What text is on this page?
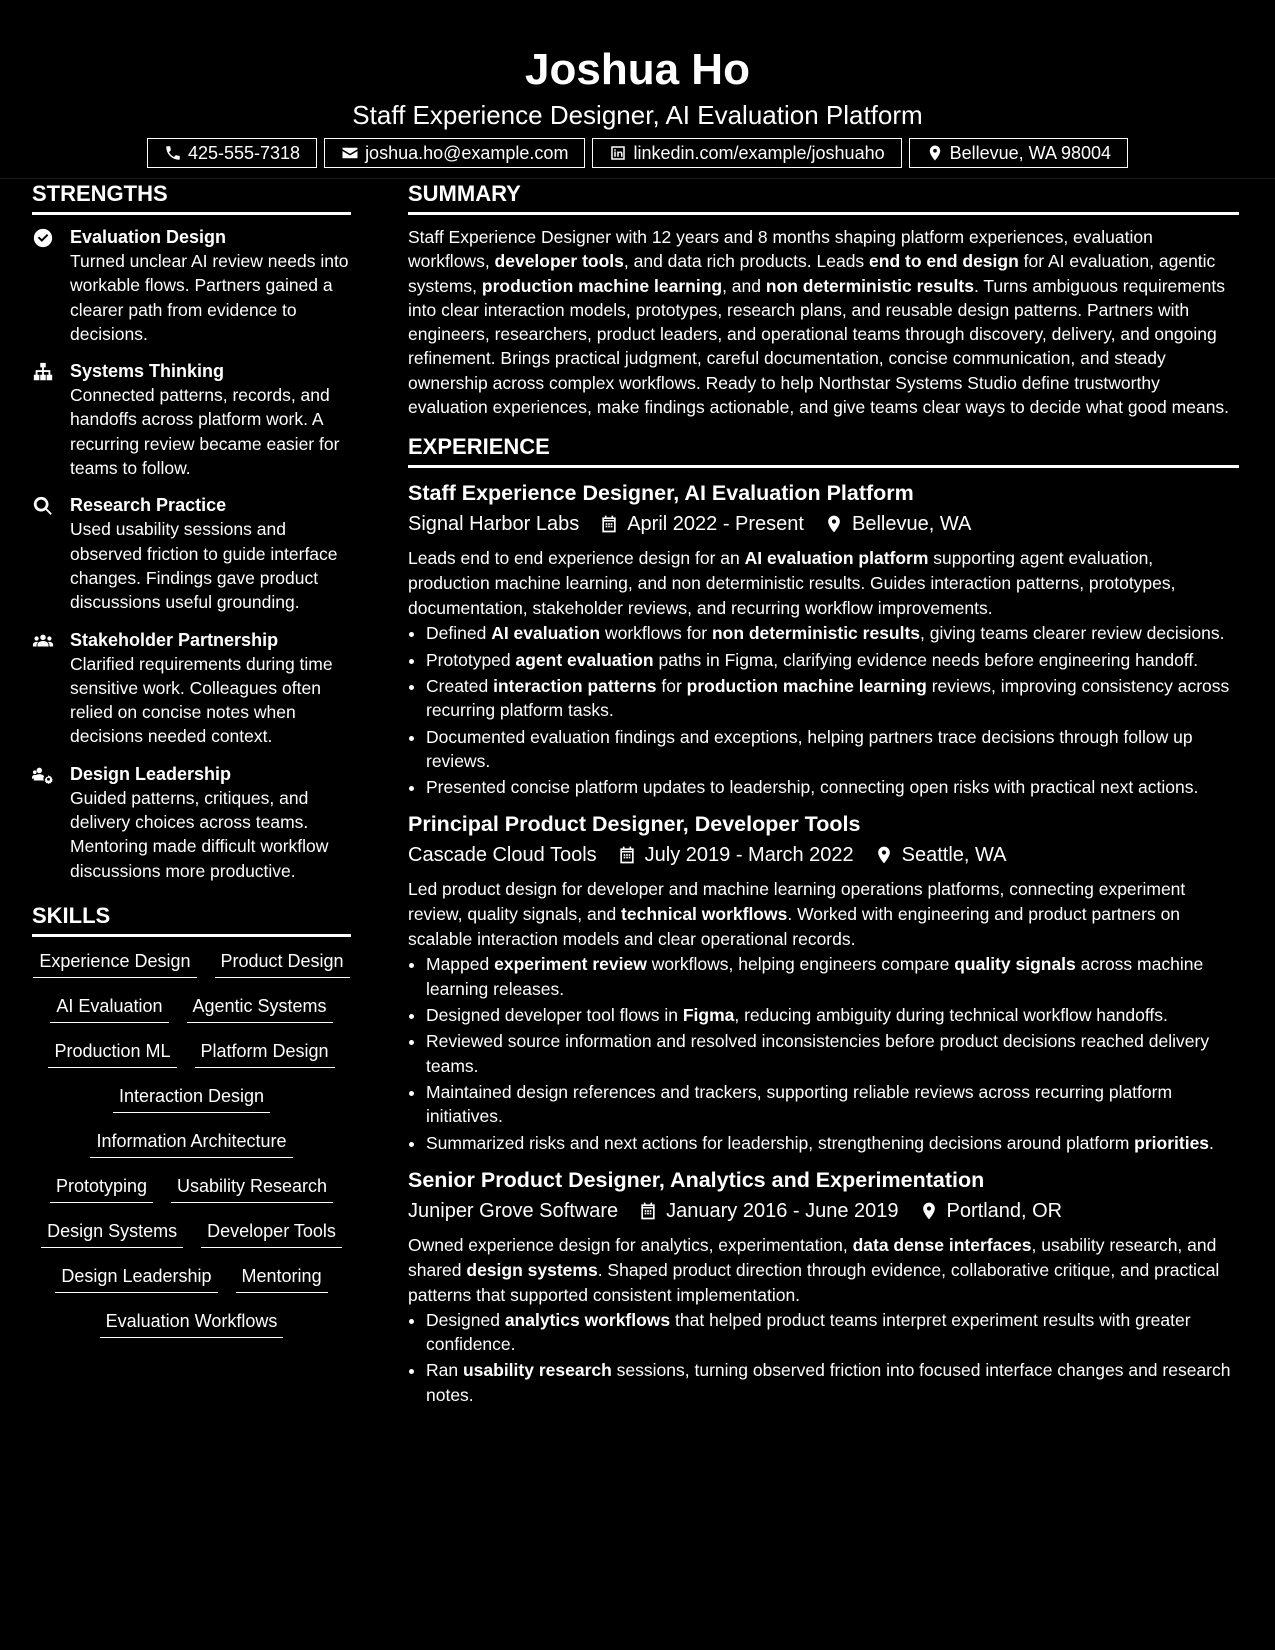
Joshua Ho
Staff Experience Designer, AI Evaluation Platform
425-555-7318	joshua.ho@example.com	linkedin.com/example/joshuaho	Bellevue, WA 98004
STRENGTHS
Evaluation Design
Turned unclear AI review needs into workable flows. Partners gained a clearer path from evidence to decisions.
Systems Thinking
Connected patterns, records, and handoffs across platform work. A recurring review became easier for teams to follow.
Research Practice
Used usability sessions and observed friction to guide interface changes. Findings gave product discussions useful grounding.
Stakeholder Partnership
Clarified requirements during time sensitive work. Colleagues often relied on concise notes when decisions needed context.
Design Leadership
Guided patterns, critiques, and delivery choices across teams. Mentoring made difficult workflow discussions more productive.
SKILLS
Experience Design	Product Design
AI Evaluation	Agentic Systems
Production ML	Platform Design
Interaction Design
Information Architecture
Prototyping	Usability Research
Design Systems	Developer Tools
Design Leadership	Mentoring
Evaluation Workflows
SUMMARY

Staff Experience Designer with 12 years and 8 months shaping platform experiences, evaluation workflows, developer tools, and data rich products. Leads end to end design for AI evaluation, agentic systems, production machine learning, and non deterministic results. Turns ambiguous requirements into clear interaction models, prototypes, research plans, and reusable design patterns. Partners with engineers, researchers, product leaders, and operational teams through discovery, delivery, and ongoing refinement. Brings practical judgment, careful documentation, concise communication, and steady ownership across complex workflows. Ready to help Northstar Systems Studio define trustworthy evaluation experiences, make findings actionable, and give teams clear ways to decide what good means.

EXPERIENCE
Staff Experience Designer, AI Evaluation Platform
Signal Harbor Labs April 2022 - Present Bellevue, WA
Leads end to end experience design for an AI evaluation platform supporting agent evaluation, production machine learning, and non deterministic results. Guides interaction patterns, prototypes, documentation, stakeholder reviews, and recurring workflow improvements.
• Defined AI evaluation workflows for non deterministic results, giving teams clearer review decisions.
• Prototyped agent evaluation paths in Figma, clarifying evidence needs before engineering handoff.
• Created interaction patterns for production machine learning reviews, improving consistency across recurring platform tasks.
• Documented evaluation findings and exceptions, helping partners trace decisions through follow up reviews.
• Presented concise platform updates to leadership, connecting open risks with practical next actions.
Principal Product Designer, Developer Tools
Cascade Cloud Tools July 2019 - March 2022 Seattle, WA
Led product design for developer and machine learning operations platforms, connecting experiment review, quality signals, and technical workflows. Worked with engineering and product partners on scalable interaction models and clear operational records.
• Mapped experiment review workflows, helping engineers compare quality signals across machine learning releases.
• Designed developer tool flows in Figma, reducing ambiguity during technical workflow handoffs.
• Reviewed source information and resolved inconsistencies before product decisions reached delivery teams.
• Maintained design references and trackers, supporting reliable reviews across recurring platform initiatives.
• Summarized risks and next actions for leadership, strengthening decisions around platform priorities.
Senior Product Designer, Analytics and Experimentation
Juniper Grove Software January 2016 - June 2019 Portland, OR
Owned experience design for analytics, experimentation, data dense interfaces, usability research, and shared design systems. Shaped product direction through evidence, collaborative critique, and practical patterns that supported consistent implementation.
• Designed analytics workflows that helped product teams interpret experiment results with greater confidence.
• Ran usability research sessions, turning observed friction into focused interface changes and research notes.
